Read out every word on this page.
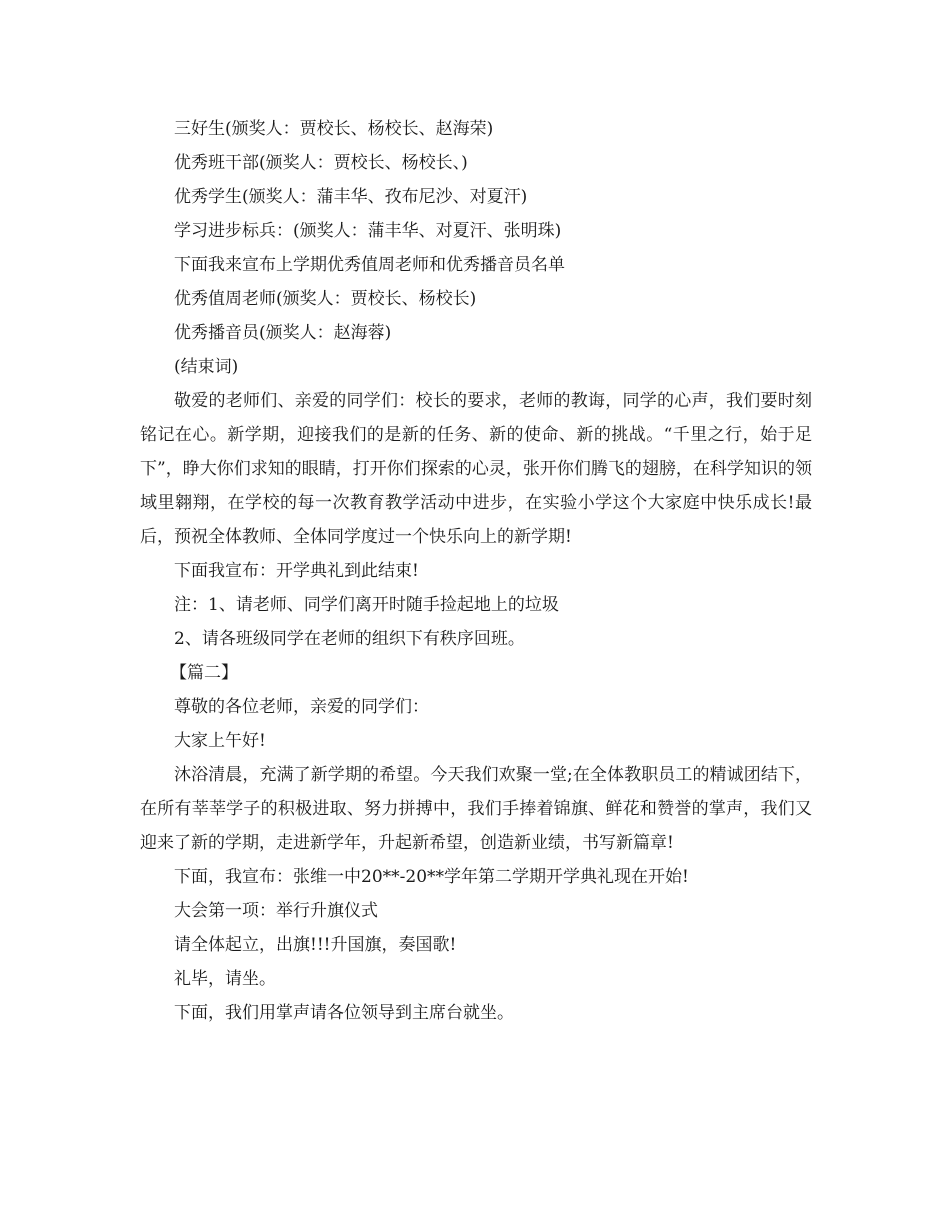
三好生(颁奖人：贾校长、杨校长、赵海荣)
优秀班干部(颁奖人：贾校长、杨校长、)
优秀学生(颁奖人：蒲丰华、孜布尼沙、对夏汗)
学习进步标兵：(颁奖人：蒲丰华、对夏汗、张明珠)
下面我来宣布上学期优秀值周老师和优秀播音员名单
优秀值周老师(颁奖人：贾校长、杨校长)
优秀播音员(颁奖人：赵海蓉)
(结束词)

敬爱的老师们、亲爱的同学们：校长的要求，老师的教诲，同学的心声，我们要时刻铭记在心。新学期，迎接我们的是新的任务、新的使命、新的挑战。“千里之行，始于足下”，睁大你们求知的眼睛，打开你们探索的心灵，张开你们腾飞的翅膀，在科学知识的领域里翱翔，在学校的每一次教育教学活动中进步，在实验小学这个大家庭中快乐成长!最后，预祝全体教师、全体同学度过一个快乐向上的新学期!

下面我宣布：开学典礼到此结束!
注：1、请老师、同学们离开时随手捡起地上的垃圾
2、请各班级同学在老师的组织下有秩序回班。
【篇二】
尊敬的各位老师，亲爱的同学们：
大家上午好!

沐浴清晨，充满了新学期的希望。今天我们欢聚一堂;在全体教职员工的精诚团结下，在所有莘莘学子的积极进取、努力拼搏中，我们手捧着锦旗、鲜花和赞誉的掌声，我们又迎来了新的学期，走进新学年，升起新希望，创造新业绩，书写新篇章!

下面，我宣布：张维一中20**-20**学年第二学期开学典礼现在开始!
大会第一项：举行升旗仪式
请全体起立，出旗!!!升国旗，奏国歌!
礼毕，请坐。
下面，我们用掌声请各位领导到主席台就坐。
